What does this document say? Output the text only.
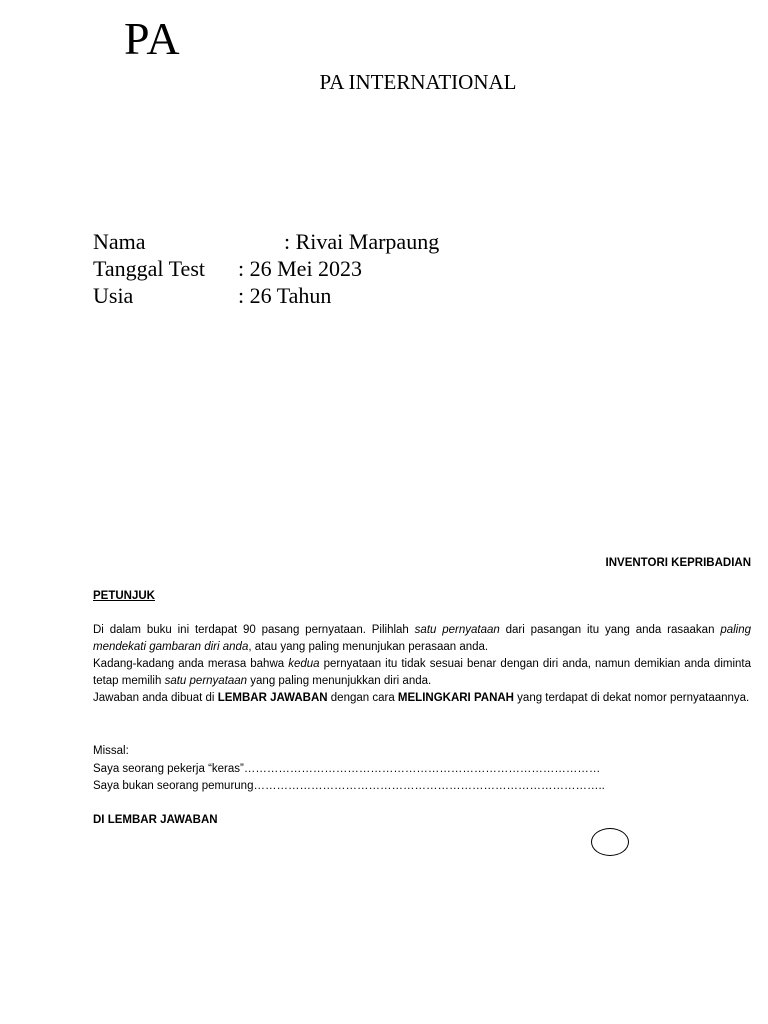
PA
PA INTERNATIONAL
Nama	: Rivai Marpaung
Tanggal Test : 26 Mei 2023
Usia	: 26 Tahun
INVENTORI KEPRIBADIAN
PETUNJUK

Di dalam buku ini terdapat 90 pasang pernyataan. Pilihlah satu pernyataan dari pasangan itu yang anda rasaakan paling mendekati gambaran diri anda, atau yang paling menunjukan perasaan anda.

Kadang-kadang anda merasa bahwa kedua pernyataan itu tidak sesuai benar dengan diri anda, namun demikian anda diminta tetap memilih satu pernyataan yang paling menunjukkan diri anda.

Jawaban anda dibuat di LEMBAR JAWABAN dengan cara MELINGKARI PANAH yang terdapat di dekat nomor pernyataannya.

Missal:
Saya seorang pekerja “keras”…………………………………………………………………………………
Saya bukan seorang pemurung………………………………………………………………………………..
DI LEMBAR JAWABAN
